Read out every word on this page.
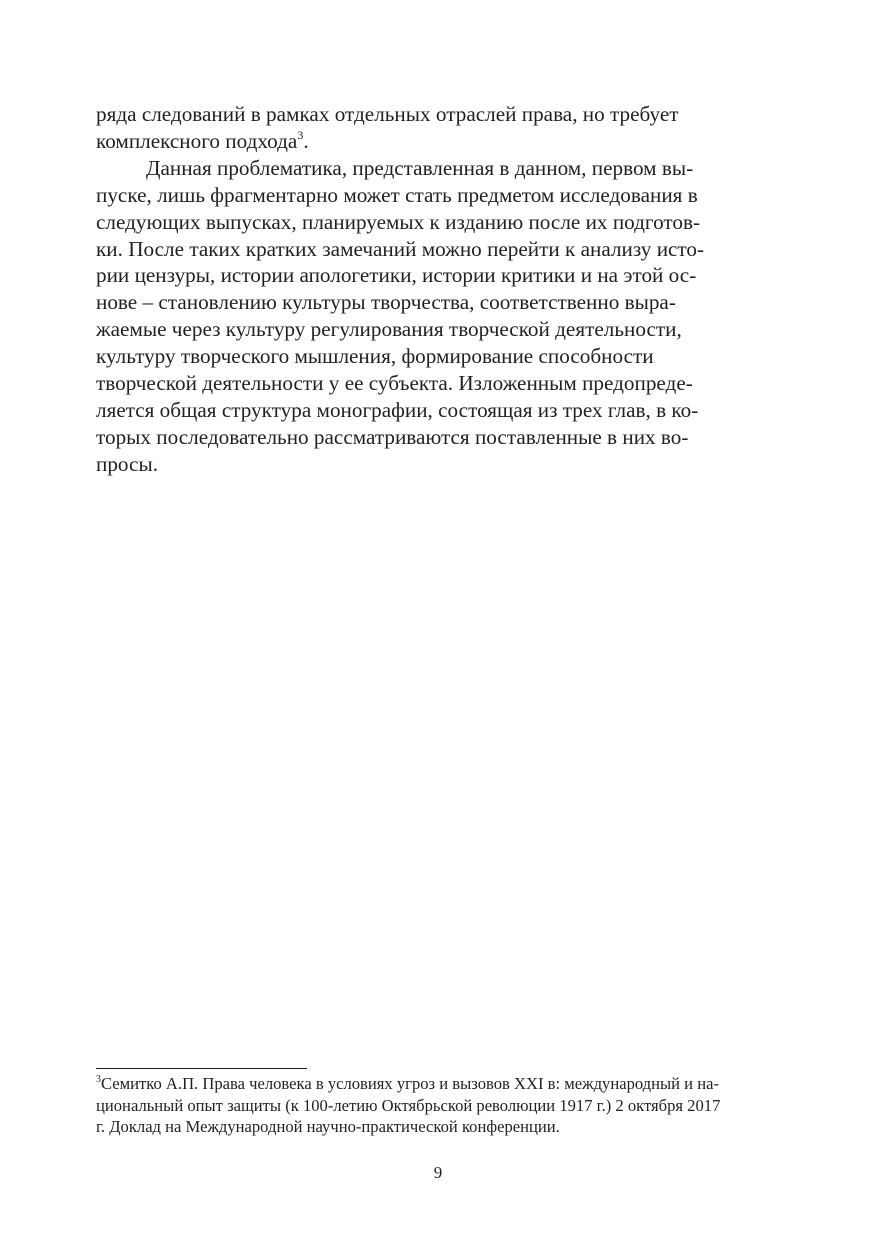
ряда следований в рамках отдельных отраслей права, но требует
комплексного подхода$^3$.

Данная проблематика, представленная в данном, первом вы-
пуске, лишь фрагментарно может стать предметом исследования в
следующих выпусках, планируемых к изданию после их подготов-
ки. После таких кратких замечаний можно перейти к анализу исто-
рии цензуры, истории апологетики, истории критики и на этой ос-
нове – становлению культуры творчества, соответственно выра-
жаемые через культуру регулирования творческой деятельности,
культуру творческого мышления, формирование способности
творческой деятельности у ее субъекта. Изложенным предопреде-
ляется общая структура монографии, состоящая из трех глав, в ко-
торых последовательно рассматриваются поставленные в них во-
просы.

$^3$Семитко А.П. Права человека в условиях угроз и вызовов XXI в: международный и на-
циональный опыт защиты (к 100-летию Октябрьской революции 1917 г.) 2 октября 2017
г. Доклад на Международной научно-практической конференции.
9
